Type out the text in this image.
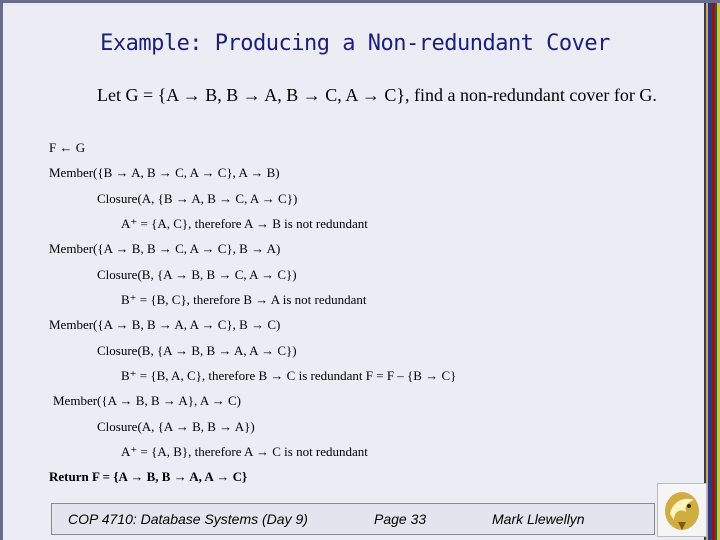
Example: Producing a Non-redundant Cover
Let G = {A → B, B → A, B → C, A → C}, find a non-redundant cover for G.
F ← G
Member({B → A, B → C, A → C}, A → B)
Closure(A, {B → A, B → C, A → C})
A⁺ = {A, C}, therefore A → B is not redundant
Member({A → B, B → C, A → C}, B → A)
Closure(B, {A → B, B → C, A → C})
B⁺ = {B, C}, therefore B → A is not redundant
Member({A → B, B → A, A → C}, B → C)
Closure(B, {A → B, B → A, A → C})
B⁺ = {B, A, C}, therefore B → C is redundant F = F – {B → C}
Member({A → B, B → A}, A → C)
Closure(A, {A → B, B → A})
A⁺ = {A, B}, therefore A → C is not redundant
Return F = {A → B, B → A, A → C}
COP 4710: Database Systems (Day 9)	Page 33	Mark Llewellyn
